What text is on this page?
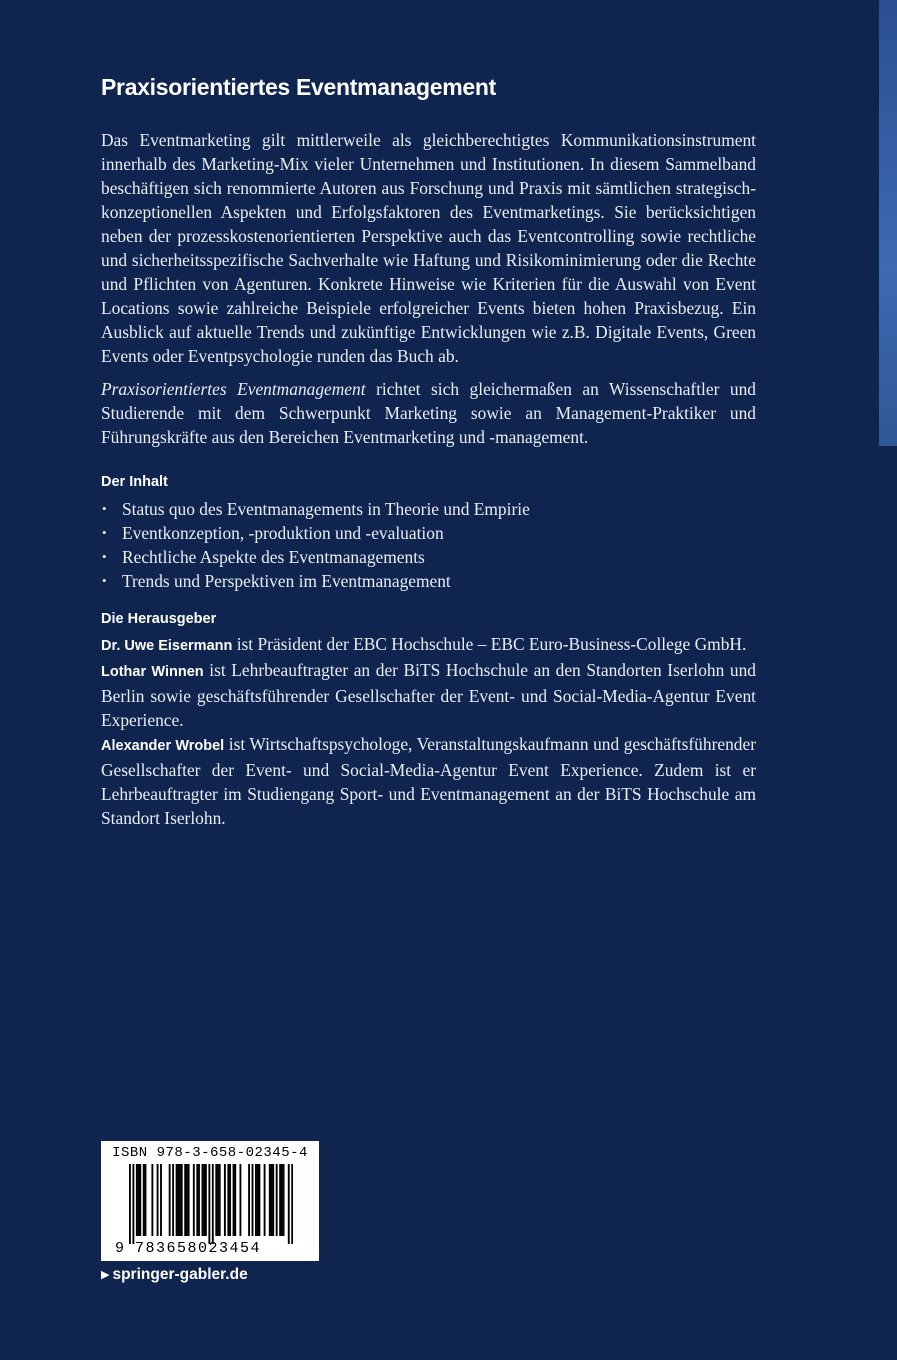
Praxisorientiertes Eventmanagement

Das Eventmarketing gilt mittlerweile als gleichberechtigtes Kommunikationsinstrument innerhalb des Marketing-Mix vieler Unternehmen und Institutionen. In diesem Sammelband beschäftigen sich renommierte Autoren aus Forschung und Praxis mit sämtlichen strategisch-konzeptionellen Aspekten und Erfolgsfaktoren des Eventmarketings. Sie berücksichtigen neben der prozesskostenorientierten Perspektive auch das Eventcontrolling sowie rechtliche und sicherheitsspezifische Sachverhalte wie Haftung und Risikominimierung oder die Rechte und Pflichten von Agenturen. Konkrete Hinweise wie Kriterien für die Auswahl von Event Locations sowie zahlreiche Beispiele erfolgreicher Events bieten hohen Praxisbezug. Ein Ausblick auf aktuelle Trends und zukünftige Entwicklungen wie z.B. Digitale Events, Green Events oder Eventpsychologie runden das Buch ab.

Praxisorientiertes Eventmanagement richtet sich gleichermaßen an Wissenschaftler und Studierende mit dem Schwerpunkt Marketing sowie an Management-Praktiker und Führungskräfte aus den Bereichen Eventmarketing und -management.

Der Inhalt
• Status quo des Eventmanagements in Theorie und Empirie
• Eventkonzeption, -produktion und -evaluation
• Rechtliche Aspekte des Eventmanagements
• Trends und Perspektiven im Eventmanagement
Die Herausgeber

Dr. Uwe Eisermann ist Präsident der EBC Hochschule – EBC Euro-Business-College GmbH.

Lothar Winnen ist Lehrbeauftragter an der BiTS Hochschule an den Standorten Iserlohn und Berlin sowie geschäftsführender Gesellschafter der Event- und Social-Media-Agentur Event Experience.

Alexander Wrobel ist Wirtschaftspsychologe, Veranstaltungskaufmann und geschäftsführender Gesellschafter der Event- und Social-Media-Agentur Event Experience. Zudem ist er Lehrbeauftragter im Studiengang Sport- und Eventmanagement an der BiTS Hochschule am Standort Iserlohn.

ISBN 978-3-658-02345-4
9 783658023454
▶ springer-gabler.de
